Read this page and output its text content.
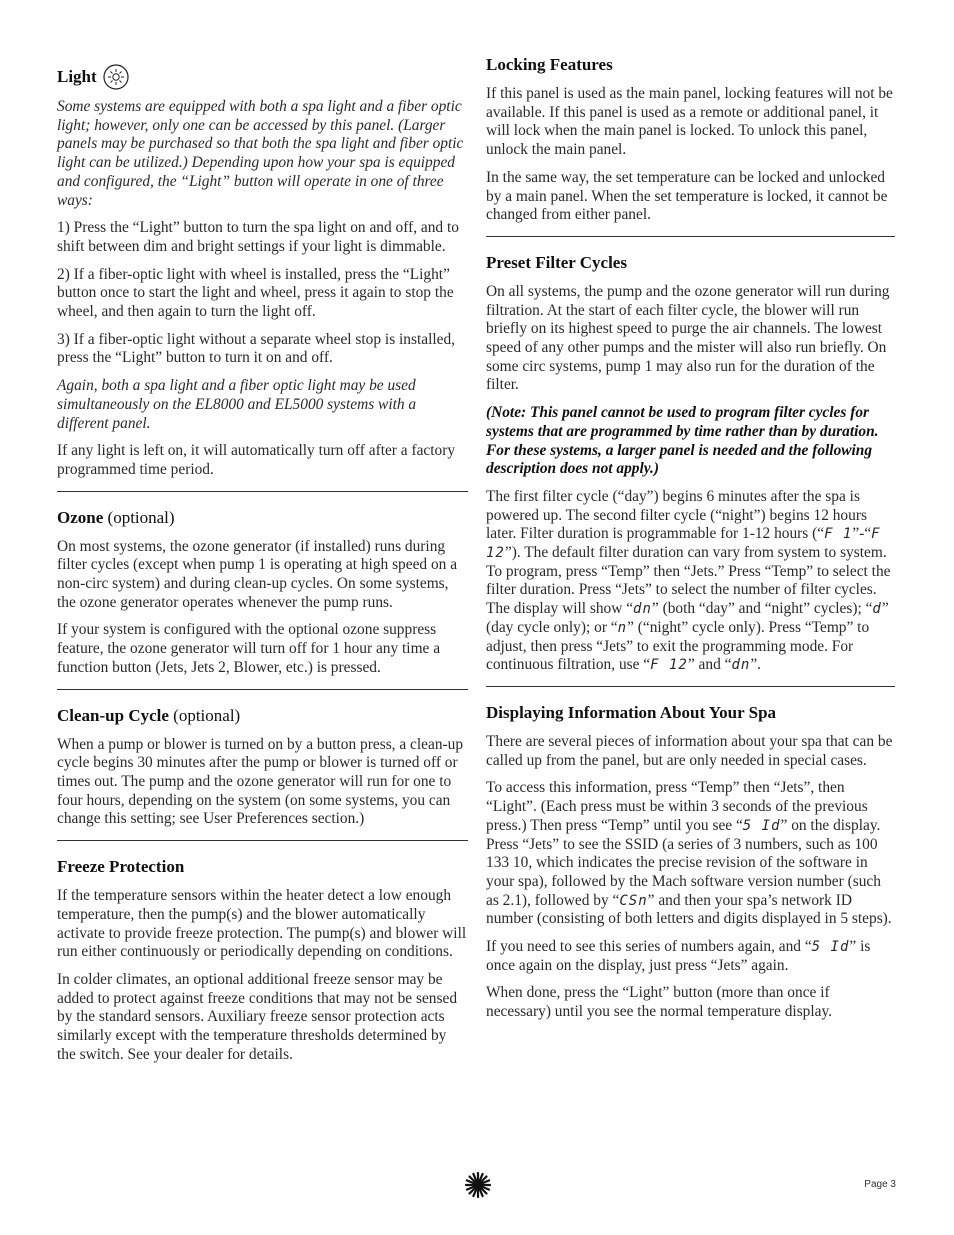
Light

Some systems are equipped with both a spa light and a fiber optic light; however, only one can be accessed by this panel. (Larger panels may be purchased so that both the spa light and fiber optic light can be utilized.) Depending upon how your spa is equipped and configured, the “Light” button will operate in one of three ways:

1) Press the “Light” button to turn the spa light on and off, and to shift between dim and bright settings if your light is dimmable.

2) If a fiber-optic light with wheel is installed, press the “Light” button once to start the light and wheel, press it again to stop the wheel, and then again to turn the light off.

3) If a fiber-optic light without a separate wheel stop is installed, press the “Light” button to turn it on and off.

Again, both a spa light and a fiber optic light may be used simultaneously on the EL8000 and EL5000 systems with a different panel.

If any light is left on, it will automatically turn off after a factory programmed time period.

Ozone (optional)

On most systems, the ozone generator (if installed) runs during filter cycles (except when pump 1 is operating at high speed on a non-circ system) and during clean-up cycles. On some systems, the ozone generator operates whenever the pump runs.

If your system is configured with the optional ozone suppress feature, the ozone generator will turn off for 1 hour any time a function button (Jets, Jets 2, Blower, etc.) is pressed.

Clean-up Cycle (optional)

When a pump or blower is turned on by a button press, a clean-up cycle begins 30 minutes after the pump or blower is turned off or times out. The pump and the ozone generator will run for one to four hours, depending on the system (on some systems, you can change this setting; see User Preferences section.)

Freeze Protection

If the temperature sensors within the heater detect a low enough temperature, then the pump(s) and the blower automatically activate to provide freeze protection. The pump(s) and blower will run either continuously or periodically depending on conditions.

In colder climates, an optional additional freeze sensor may be added to protect against freeze conditions that may not be sensed by the standard sensors. Auxiliary freeze sensor protection acts similarly except with the temperature thresholds determined by the switch. See your dealer for details.

Locking Features

If this panel is used as the main panel, locking features will not be available. If this panel is used as a remote or additional panel, it will lock when the main panel is locked. To unlock this panel, unlock the main panel.

In the same way, the set temperature can be locked and unlocked by a main panel. When the set temperature is locked, it cannot be changed from either panel.

Preset Filter Cycles

On all systems, the pump and the ozone generator will run during filtration. At the start of each filter cycle, the blower will run briefly on its highest speed to purge the air channels. The lowest speed of any other pumps and the mister will also run briefly. On some circ systems, pump 1 may also run for the duration of the filter.

(Note: This panel cannot be used to program filter cycles for systems that are programmed by time rather than by duration. For these systems, a larger panel is needed and the following description does not apply.)

The first filter cycle (“day”) begins 6 minutes after the spa is powered up. The second filter cycle (“night”) begins 12 hours later. Filter duration is programmable for 1-12 hours (“F 1”-“F 12”). The default filter duration can vary from system to system. To program, press “Temp” then “Jets.” Press “Temp” to select the filter duration. Press “Jets” to select the number of filter cycles. The display will show “dn” (both “day” and “night” cycles); “d” (day cycle only); or “n” (“night” cycle only). Press “Temp” to adjust, then press “Jets” to exit the programming mode. For continuous filtration, use “F 12” and “dn”.

Displaying Information About Your Spa

There are several pieces of information about your spa that can be called up from the panel, but are only needed in special cases.

To access this information, press “Temp” then “Jets”, then “Light”. (Each press must be within 3 seconds of the previous press.) Then press “Temp” until you see “5 Id” on the display. Press “Jets” to see the SSID (a series of 3 numbers, such as 100 133 10, which indicates the precise revision of the software in your spa), followed by the Mach software version number (such as 2.1), followed by “CSn” and then your spa’s network ID number (consisting of both letters and digits displayed in 5 steps).

If you need to see this series of numbers again, and “5 Id” is once again on the display, just press “Jets” again.

When done, press the “Light” button (more than once if necessary) until you see the normal temperature display.

Page 3
